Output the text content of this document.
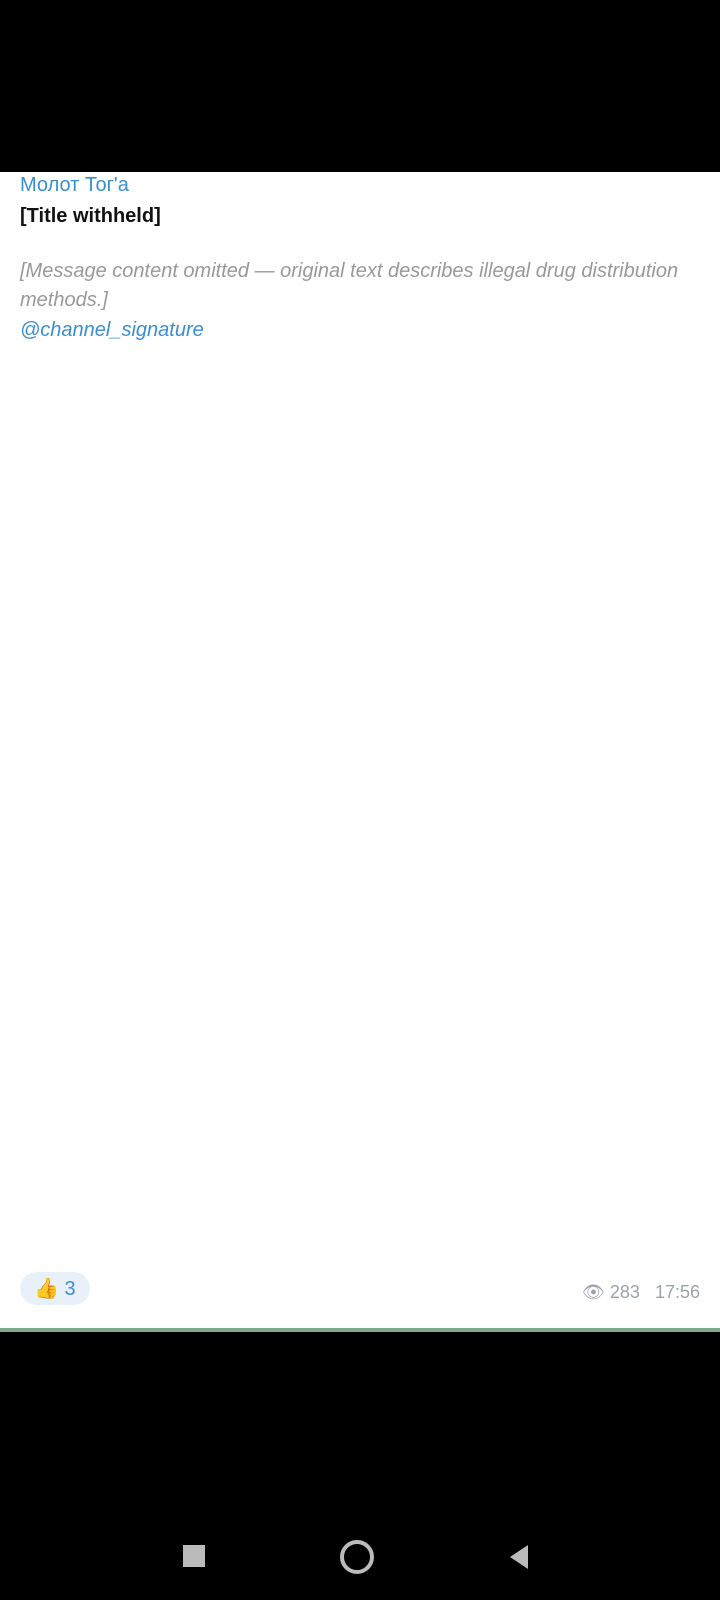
Молот Тог'а
[Title withheld]
[Message content omitted — original text describes illegal drug distribution methods.]
@channel_signature
👍 3	👁 283 17:56
